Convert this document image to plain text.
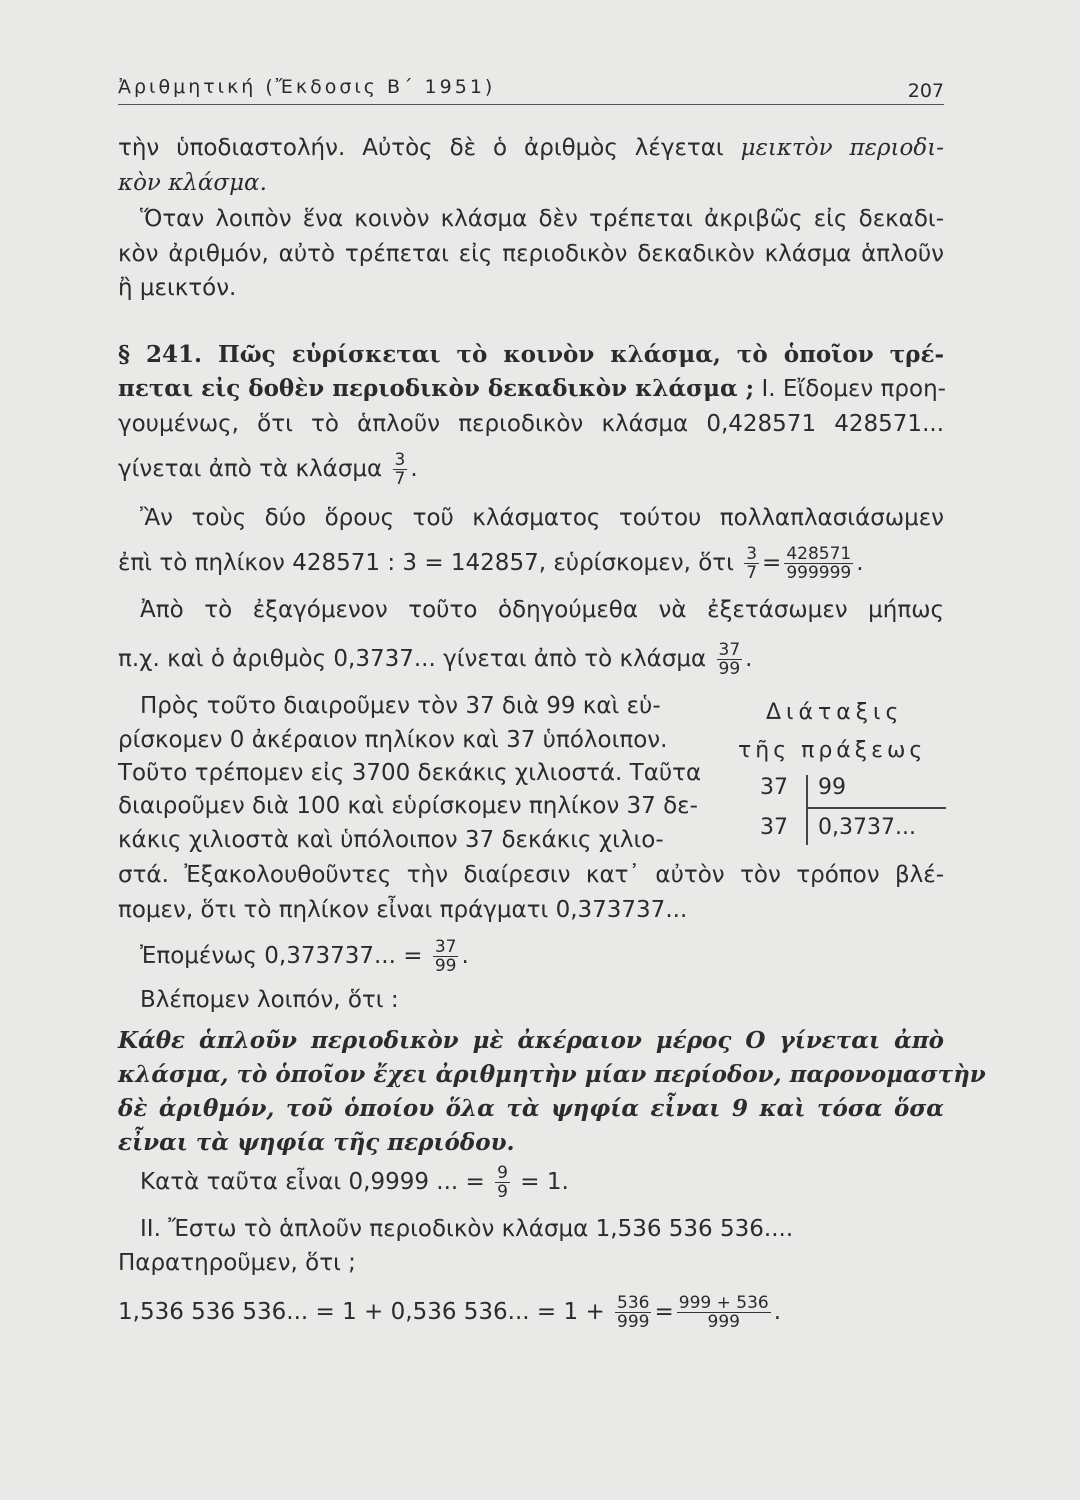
Ἀριθμητική (Ἔκδοσις Β΄ 1951)	207
τὴν ὑποδιαστολήν. Αὐτὸς δὲ ὁ ἀριθμὸς λέγεται μεικτὸν περιοδι-
κὸν κλάσμα.
Ὅταν λοιπὸν ἕνα κοινὸν κλάσμα δὲν τρέπεται ἀκριβῶς εἰς δεκαδι-
κὸν ἀριθμόν, αὐτὸ τρέπεται εἰς περιοδικὸν δεκαδικὸν κλάσμα ἁπλοῦν
ἢ μεικτόν.
§ 241. Πῶς εὑρίσκεται τὸ κοινὸν κλάσμα, τὸ ὁποῖον τρέ-
πεται εἰς δοθὲν περιοδικὸν δεκαδικὸν κλάσμα ; I. Εἴδομεν προη-
γουμένως, ὅτι τὸ ἁπλοῦν περιοδικὸν κλάσμα 0,428571 428571...
γίνεται ἀπὸ τὰ κλάσμα $\frac{3}{7}$ .
Ἂν τοὺς δύο ὅρους τοῦ κλάσματος τούτου πολλαπλασιάσωμεν
ἐπὶ τὸ πηλίκον 428571 : 3 = 142857, εὑρίσκομεν, ὅτι $\frac{3}{7} = \frac{428571}{999999}$ .
Ἀπὸ τὸ ἐξαγόμενον τοῦτο ὁδηγούμεθα νὰ ἐξετάσωμεν μήπως
π.χ. καὶ ὁ ἀριθμὸς 0,3737... γίνεται ἀπὸ τὸ κλάσμα $\frac{37}{99}$ .
Πρὸς τοῦτο διαιροῦμεν τὸν 37 διὰ 99 καὶ εὑ-
ρίσκομεν 0 ἀκέραιον πηλίκον καὶ 37 ὑπόλοιπον.
Τοῦτο τρέπομεν εἰς 3700 δεκάκις χιλιοστά. Ταῦτα
διαιροῦμεν διὰ 100 καὶ εὑρίσκομεν πηλίκον 37 δε-
κάκις χιλιοστὰ καὶ ὑπόλοιπον 37 δεκάκις χιλιο-
στά. Ἐξακολουθοῦντες τὴν διαίρεσιν κατ᾽ αὐτὸν τὸν τρόπον βλέ-
πομεν, ὅτι τὸ πηλίκον εἶναι πράγματι 0,373737...
Διάταξις
τῆς πράξεως
37 99
37 0,3737...
Ἐπομένως 0,373737... = $\frac{37}{99}$ .
Βλέπομεν λοιπόν, ὅτι :
Κάθε ἁπλοῦν περιοδικὸν μὲ ἀκέραιον μέρος Ο γίνεται ἀπὸ
κλάσμα, τὸ ὁποῖον ἔχει ἀριθμητὴν μίαν περίοδον, παρονομαστὴν
δὲ ἀριθμόν, τοῦ ὁποίου ὅλα τὰ ψηφία εἶναι 9 καὶ τόσα ὅσα
εἶναι τὰ ψηφία τῆς περιόδου.
Κατὰ ταῦτα εἶναι 0,9999 ... = $\frac{9}{9} = 1$.
II. Ἔστω τὸ ἁπλοῦν περιοδικὸν κλάσμα 1,536 536 536....
Παρατηροῦμεν, ὅτι ;
1,536 536 536... = 1 + 0,536 536... = $1 + \frac{536}{999} = \frac{999 + 536}{999}$ .
